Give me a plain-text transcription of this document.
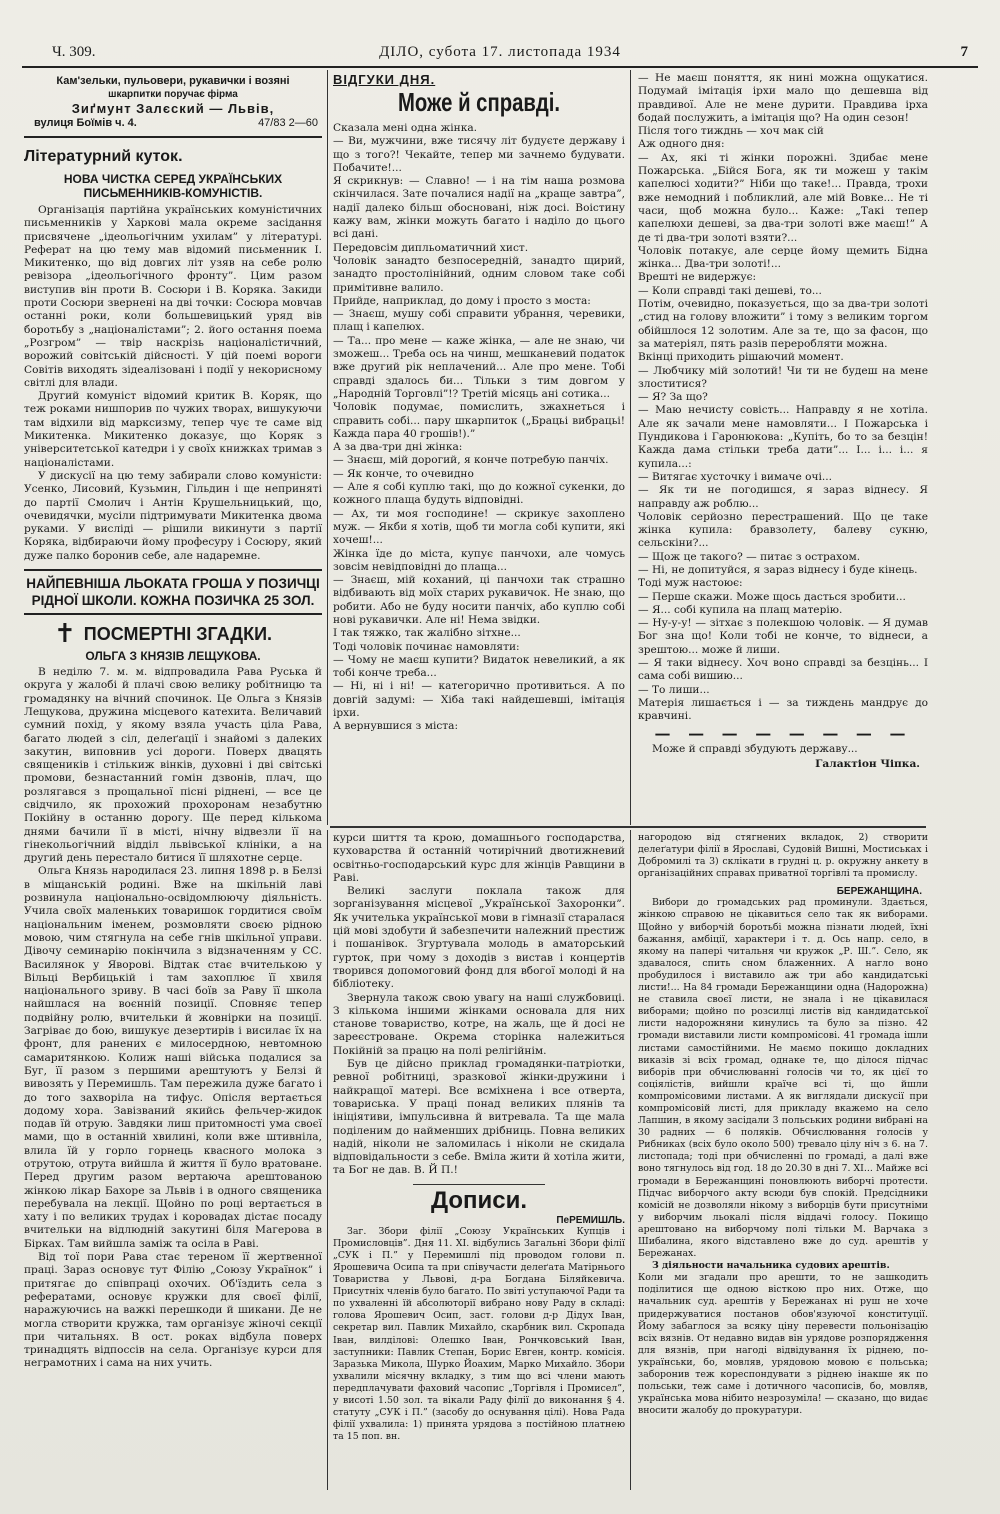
Ч. 309.	ДІЛО, субота 17. листопада 1934	7
Кам'зельки, пульовери, рукавички і возяні
шкарпитки поручає фірма
Зиґмунт Залєский — Львів,
вулиця Боїмів ч. 4.	47/83 2—60
Літературний куток.
НОВА ЧИСТКА СЕРЕД УКРАЇНСЬКИХ ПИСЬМЕННИКІВ-КОМУНІСТІВ.

Організація партійна українських комуністичних письменників у Харкові мала окреме засідання присвячене „ідеольогічним ухилам” у літературі. Реферат на цю тему мав відомий письменник І. Микитенко, що від довгих літ узяв на себе ролю ревізора „ідеольогічного фронту”. Цим разом виступив він проти В. Сосюри і В. Коряка. Закиди проти Сосюри звернені на дві точки: Сосюра мовчав останні роки, коли большевицький уряд вів боротьбу з „націоналістами”; 2. його остання поема „Розгром” — твір наскрізь націоналістичний, ворожий совітській дійсності. У цій поемі вороги Совітів виходять зідеалізовані і події у некорисному світлі для влади.

Другий комуніст відомий критик В. Коряк, що теж роками нишпорив по чужих творах, вишукуючи там відхили від марксизму, тепер чує те саме від Микитенка. Микитенко доказує, що Коряк з університетської катедри і у своїх книжках тримав з націоналістами.

У дискусії на цю тему забирали слово комуністи: Усенко, Лисовий, Кузьмин, Гільдин і ще непринятi до партії Смолич і Антін Крушельницький, що, очевидячки, мусіли підтримувати Микитенка двома руками. У висліді — рішили викинути з партії Коряка, відбираючи йому професуру і Сосюру, який дуже палко боронив себе, але надаремне.

НАЙПЕВНІША ЛЬОКАТА ГРОША У ПОЗИЧЦІ РІДНОЇ ШКОЛИ. КОЖНА ПОЗИЧКА 25 ЗОЛ.
✝ ПОСМЕРТНІ ЗГАДКИ.
ОЛЬГА З КНЯЗІВ ЛЕЩУКОВА.

В неділю 7. м. м. відпровадила Рава Руська й округа у жалобі й плачі свою велику робітницю та громадянку на вічний спочинок. Це Ольга з Князів Лещукова, дружина місцевого катехита. Величавий сумний похід, у якому взяла участь ціла Рава, багато людей з сіл, делеґації і знайомі з далеких закутин, виповнив усі дороги. Поверх двацять священиків і стількиж вінків, духовні і дві світські промови, безнастанний гомін дзвонів, плач, що розлягався з прощальної пісні ріднені, — все це свідчило, як прохожий прохоронам незабутню Покійну в останню дорогу. Ще перед кількома днями бачили її в місті, нічну відвезли її на гінекольогічний відділ львівської клініки, а на другий день перестало битися її шляхотне серце.

Ольга Князь народилася 23. липня 1898 р. в Белзі в міщанській родині. Вже на шкільній лаві розвинула національно-освідомлюючу діяльність. Учила своїх маленьких товаришок гордитися своїм національним іменем, розмовляти своєю рідною мовою, чим стягнула на себе гнів шкільної управи. Дівочу семинарію покінчила з відзначенням у СС. Василянок у Яворові. Відтак стає вчителькою у Вільці Вербицькій і там захоплює її хвиля національного зриву. В часі боїв за Раву її школа найшлася на воєнній позиції. Сповняє тепер подвійну ролю, вчительки й жовнірки на позиції. Загріває до бою, вишукує дезертирів і висилає їх на фронт, для ранених є милосердною, невтомною самаритянкою. Колиж наші війська подалися за Буг, її разом з першими арештуютъ у Белзі й вивозять у Перемишль. Там пережила дуже багато і до того захворіла на тифус. Опісля вертається додому хора. Завізваний якийсь фельчер-жидок подав їй отрую. Завдяки лиш притомності ума своєї мами, що в останній хвилині, коли вже штивніла, влила їй у горло горнець квасного молока з отрутою, отрута вийшла й життя її було вратоване. Перед другим разом вертаюча арештованою жінкою лікар Бахоре за Львів і в одного священика перебувала на лекції. Щойно по році вертається в хату і по великих трудах і коровадах дістає посаду вчительки на відлюдній закутині біля Магерова в Бірках. Там вийшла заміж та осіла в Раві.

Від тої пори Рава стає тереном її жертвенної праці. Зараз основує тут Філію „Союзу Українок” і притягає до співпраці охочих. Об'їздить села з рефератами, основує кружки для своєї філії, наражуючись на важкі перешкоди й шикани. Де не могла створити кружка, там організує жіночі секції при читальнях. В ост. роках відбула поверх тринадцять відпоссів на села. Організує курси для неграмотних і сама на них учить.

ВІДГУКИ ДНЯ.
Може й справді.
Сказала мені одна жінка.
— Ви, мужчини, вже тисячу літ будуєте державу і що з того?! Чекайте, тепер ми зачнемо будувати. Побачите!...
Я скрикнув: — Славно! — і на тім наша розмова скінчилася. Зате почалися надії на „краще завтра”, надії далеко більш обосновані, ніж досі. Воістину кажу вам, жінки можуть багато і наділо до цього всі дані.
Передовсім дипльоматичний хист.
Чоловік занадто безпосередній, занадто щирий, занадто простолінійний, одним словом таке собі примітивне валило.
Прийде, наприклад, до дому і просто з моста:
— Знаєш, мушу собі справити убрання, черевики, плащ і капелюх.
— Та... про мене — каже жінка, — але не знаю, чи зможеш... Треба ось на чинш, мешканевий податок вже другий рік неплачений... Але про мене. Тобі справді здалось би... Тільки з тим довгом у „Народній Торговлі”!? Третій місяць ані сотика...
Чоловік подумає, помислить, зжахнеться і справить собі... пару шкарпиток („Брацьі вибрацьі! Кажда пара 40 грошів!).”
А за два-три дні жінка:
— Знаєш, мій дорогий, я конче потребую панчіх.
— Як конче, то очевидно
— Але я собі куплю такі, що до кожної сукенки, до кожного плаща будуть відповідні.
— Ах, ти моя господине! — скрикує захоплено муж. — Якби я хотів, щоб ти могла собі купити, які хочеш!...
Жінка їде до міста, купує панчохи, але чомусь зовсім невідповідні до плаща...
— Знаєш, мій коханий, ці панчохи так страшно відбивають від моїх старих рукавичок. Не знаю, що робити. Або не буду носити панчіх, або куплю собі нові рукавички. Але ні! Нема звідки.
І так тяжко, так жалібно зітхне...
Тоді чоловік починає намовляти:
— Чому не маєш купити? Видаток невеликий, а як тобі конче треба...
— Ні, ні і ні! — категорично противиться. А по довгій задумі: — Хіба такі найдешевші, імітація ірхи.
А вернувшися з міста:
— Не маєш поняття, як нині можна ощукатися. Подумай імітація ірхи мало що дешевша від правдивої. Але не мене дурити. Правдива ірха бодай послужить, а імітація що? На один сезон!
Після того тижднь — хоч мак сій
Аж одного дня:
— Ах, які ті жінки порожні. Здибає мене Пожарська. „Бійся Бога, як ти можеш у такім капелюсі ходити?” Ніби що таке!... Правда, трохи вже немодний і побликлий, але мій Вовке... Не ті часи, щоб можна було... Каже: „Такі тепер капелюхи дешеві, за два-три золоті вже маєш!” А де ті два-три золоті взяти?...
Чоловік потакує, але серце йому щемить Бідна жінка... Два-три золоті!...
Врешті не видержує:
— Коли справді такі дешеві, то...
Потім, очевидно, показується, що за два-три золоті „стид на голову вложити” і тому з великим торгом обійшлося 12 золотим. Але за те, що за фасон, що за матеріял, пять разів переробляти можна.
Вкінці приходить рішаючий момент.
— Любчику мій золотий! Чи ти не будеш на мене злоститися?
— Я? За що?
— Маю нечисту совість... Направду я не хотіла. Але як зачали мене намовляти... І Пожарська і Пундикова і Гаронюкова: „Купіть, бо то за безцін! Кажда дама стільки треба дати”... І... і... і... я купила...:
— Витягає хусточку і вимаче очі...
— Як ти не погодишся, я зараз віднесу. Я направду аж роблю...
Чоловік серйозно перестрашений. Що це таке жінка купила: бравзолету, балеву сукню, сельскіни?...
— Щож це такого? — питає з острахом.
— Ні, не допитуйся, я зараз віднесу і буде кінець.
Тоді муж настоює:
— Перше скажи. Може щось дасться зробити...
— Я... собі купила на плащ матерію.
— Ну-у-у! — зітхає з полекшою чоловік. — Я думав Бог зна що! Коли тобі не конче, то віднеси, а зрештою... може й лиши.
— Я таки віднесу. Хоч воно справді за безцінь... І сама собі вишию...
— То лиши...
Матерія лишається і — за тиждень мандрує до кравчині.
— — — — — — — —

Може й справді збудують державу...

Галактіон Чіпка.

курси шиття та крою, домашнього господарства, куховарства й останній чотирічний двотижневий освітньо-господарський курс для жінців Равщини в Раві.

Великі заслуги поклала також для зорганізування місцевої „Української Захоронки”. Як учителька української мови в гімназії старалася цій мові здобути й забезпечити належний престиж і пошанівок. Згуртувала молодь в аматорський гурток, при чому з доходів з вистав і концертів творився допомоговий фонд для вбогої молоді й на бібліотеку.

Звернула також свою увагу на наші службовиці. З кількома іншими жінками основала для них станове товариство, котре, на жаль, ще й досі не зареєстроване. Окрема сторінка належиться Покійній за працю на полі релігійнім.

Був це дійсно приклад громадянки-патріотки, ревної робітниці, зразкової жінки-дружини і найкращої матері. Все всміхнена і все отверта, товариська. У праці понад великих плянів та ініціятиви, імпульсивна й витревала. Та ще малa подiленим до найменших дрібниць. Повна великих надій, ніколи не заломилась і ніколи не скидала відповідальности з себе. Вміла жити й хотіла жити, та Бог не дав. В. Й П.!

Дописи.
ПеРЕМИШЛЬ.

Заг. Збори філії „Союзу Українських Купців і Промисловців”. Дня 11. XI. відбулись Загальні Збори філії „СУК і П.” у Перемишлі під проводом голови п. Ярошевича Осипа та при співучасти делеґата Матірнього Товариства у Львові, д-ра Богдана Біляйкевича. Присутніх членів було багато. По звіті уступаючої Ради та по ухваленні їй абсолюторії вибрано нову Раду в складі: голова Ярошевич Осип, заст. голови д-р Дідух Іван, секретар вил. Павлик Михайло, скарбник вил. Скропада Іван, вилділові: Олешко Іван, Рончковський Іван, заступники: Павлик Степан, Борис Евген, контр. комісія. Заразька Микола, Шурко Йоахим, Марко Михайло. Збори ухвалили місячну вкладку, з тим що всі члени мають передплачувати фаховий часопис „Торгівля і Промисел”, у висоті 1.50 зол. та вікали Раду філії до виконання § 4. статуту „СУК і П.” (засобу до оснування цілі). Нова Рада філії ухвалила: 1) принята урядова з постійною платнею та 15 поп. вн.

нагородою від стягнених вкладок, 2) створити делеґатури філії в Ярославі, Судовій Вишні, Мостиськах і Добромилі та 3) склікати в грудні ц. р. окружну анкету в організаційних справах приватної торгівлі та промислу.

БЕРЕЖАНЩИНА.

Вибори до громадських рад проминули. Здається, жінкою справою не цікавиться село так як виборами. Щойно у виборчій боротьбі можна пізнати людей, їхні бажання, амбіції, характери і т. д. Ось напр. село, в якому на папері читальня чи кружок „Р. Ш.”. Село, як здавалося, спить сном блаженних. А нагло воно пробудилося і виставило аж три або кандидатські листи!... На 84 громади Бережанщини одна (Надорожна) не ставила своєї листи, не знала і не цікавилася виборами; щойно по розсилці листів від кандидатської листи надорожняни кинулись та було за пізно. 42 громади виставили листи компромісові. 41 громада ішли листами самостійними. Не маємо покищо докладних виказів зі всіх громад, однаке те, що ділося підчас виборів при обчислюванні голосів чи то, як цієї то соціялістів, вийшли країче всі ті, що йшли компромісовими листами. А як виглядали дискусії при компромісовій листі, для прикладу вкажемо на село Лапшин, в якому засідали 3 польських родини вибрані на 30 радних — 6 поляків. Обчислювання голосів у Рибниках (всіх було около 500) тревало цілу ніч з 6. на 7. листопада; тоді при обчисленні по громаді, а далі вже воно тягнулось від год. 18 до 20.30 в днi 7. XI... Майже всі громади в Бережанщині поновлюють виборчі протести. Підчас виборчого акту всюди був спокій. Предсідники комісій не дозволяли нікому з виборців бути присутніми у виборчим льокалі після віддачі голосу. Покищо арештовано на виборчому полі тільки М. Варчака з Шибалина, якого відставлено вже до суд. арештів у Бережанах.

З діяльности начальника судових арештів.

Коли ми згадали про арешти, то не зашкодить поділитися ще одною вісткою про них. Отже, що начальник суд. арештів у Бережанах ні руш не хоче придержуватися постанов обов'язуючої конституції. Йому забаглося за всяку ціну перевести польонізацію всіх вязнів. От недавно видав він урядове розпорядження для вязнів, при нагоді відвідування їх ріднею, по-українськи, бо, мовляв, урядовою мовою є польська; заборонив теж кореспондувати з ріднею інакше як по польськи, теж саме і дотичного часописів, бо, мовляв, українська мова нібито незрозуміла! — сказано, що видає вносити жалобу до прокуратури.
